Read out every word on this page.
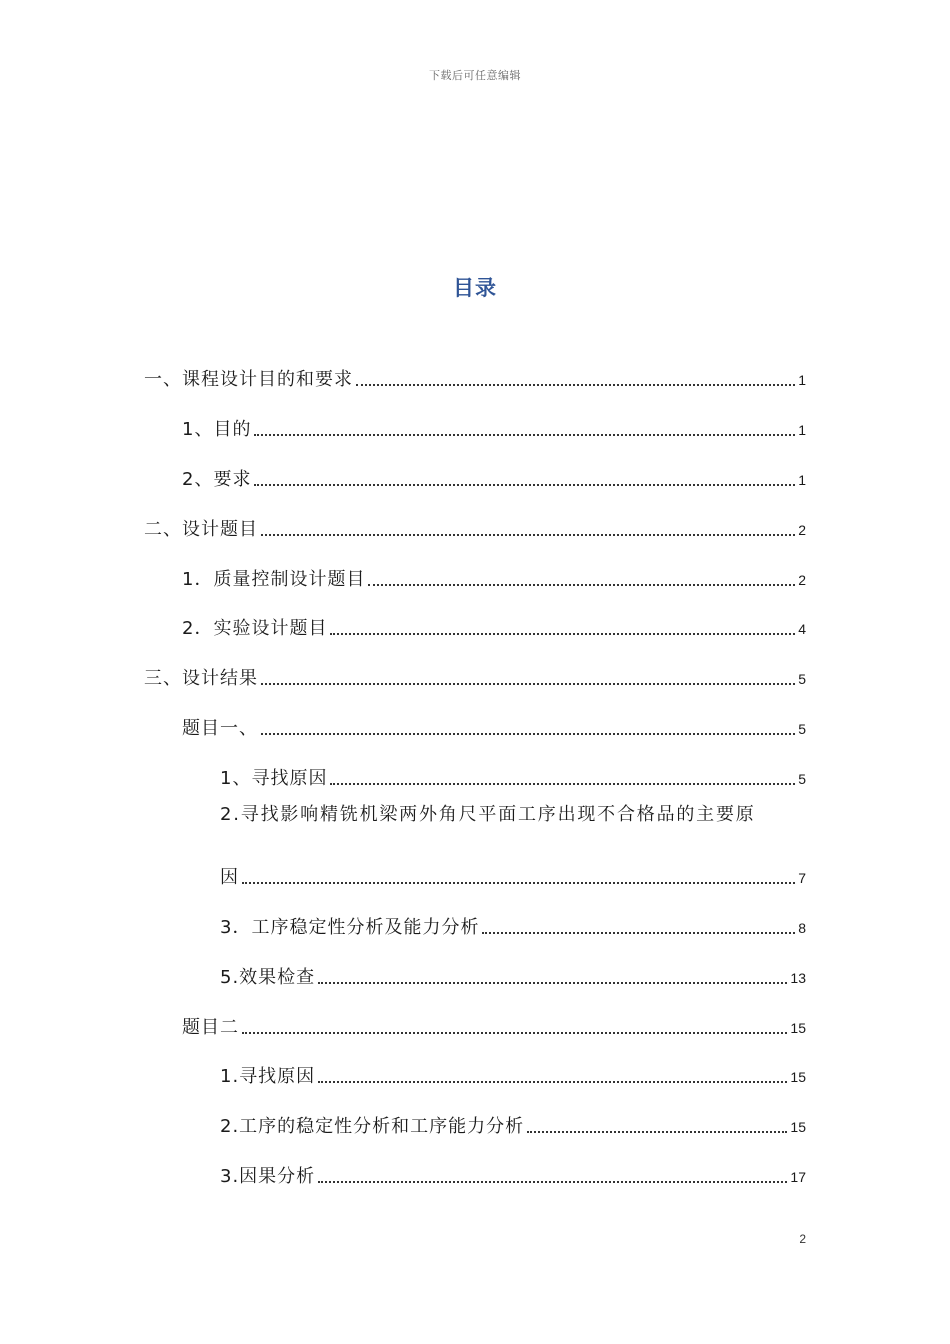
下载后可任意编辑
目录
一、课程设计目的和要求	1
1、目的	1
2、要求	1
二、设计题目	2
1．质量控制设计题目	2
2．实验设计题目	4
三、设计结果	5
题目一、	5
1、寻找原因	5
2.寻找影响精铣机梁两外角尺平面工序出现不合格品的主要原
因	7
3．工序稳定性分析及能力分析	8
5.效果检查	13
题目二	15
1.寻找原因	15
2.工序的稳定性分析和工序能力分析	15
3.因果分析	17
2
